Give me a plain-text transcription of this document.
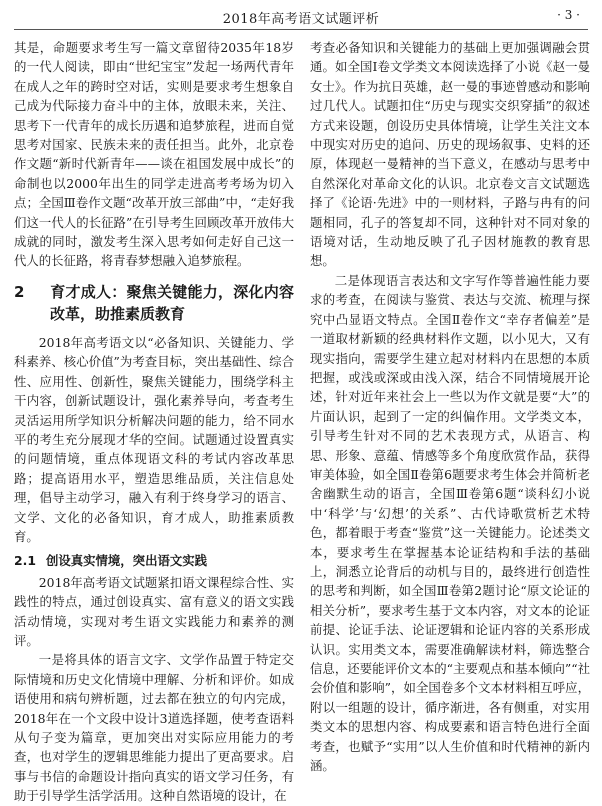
2018年高考语文试题评析	· 3 ·

其是，命题要求考生写一篇文章留待2035年18岁的一代人阅读，即由“世纪宝宝”发起一场两代青年在成人之年的跨时空对话，实则是要求考生想象自己成为代际接力奋斗中的主体，放眼未来，关注、思考下一代青年的成长历遇和追梦旅程，进而自觉思考对国家、民族未来的责任担当。此外，北京卷作文题“新时代新青年——谈在祖国发展中成长”的命制也以2000年出生的同学走进高考考场为切入点；全国Ⅲ卷作文题“改革开放三部曲”中，“走好我们这一代人的长征路”在引导考生回顾改革开放伟大成就的同时，激发考生深入思考如何走好自己这一代人的长征路，将青春梦想融入追梦旅程。

2 育才成人：聚焦关键能力，深化内容改革，助推素质教育

2018年高考语文以“必备知识、关键能力、学科素养、核心价值”为考查目标，突出基础性、综合性、应用性、创新性，聚焦关键能力，围绕学科主干内容，创新试题设计，强化素养导向，考查考生灵活运用所学知识分析解决问题的能力，给不同水平的考生充分展现才华的空间。试题通过设置真实的问题情境，重点体现语文科的考试内容改革思路；提高语用水平，塑造思维品质，关注信息处理，倡导主动学习，融入有利于终身学习的语言、文学、文化的必备知识，育才成人，助推素质教育。

2.1 创设真实情境，突出语文实践

2018年高考语文试题紧扣语文课程综合性、实践性的特点，通过创设真实、富有意义的语文实践活动情境，实现对考生语文实践能力和素养的测评。

一是将具体的语言文字、文学作品置于特定交际情境和历史文化情境中理解、分析和评价。如成语使用和病句辨析题，过去都在独立的句内完成，2018年在一个文段中设计3道选择题，使考查语料从句子变为篇章，更加突出对实际应用能力的考查，也对学生的逻辑思维能力提出了更高要求。启事与书信的命题设计指向真实的语文学习任务，有助于引导学生活学活用。这种自然语境的设计，在

考查必备知识和关键能力的基础上更加强调融会贯通。如全国Ⅰ卷文学类文本阅读选择了小说《赵一曼女士》。作为抗日英雄，赵一曼的事迹曾感动和影响过几代人。试题扣住“历史与现实交织穿插”的叙述方式来设题，创设历史具体情境，让学生关注文本中现实对历史的追问、历史的现场叙事、史料的还原，体现赵一曼精神的当下意义，在感动与思考中自然深化对革命文化的认识。北京卷文言文试题选择了《论语·先进》中的一则材料，子路与冉有的问题相同，孔子的答复却不同，这种针对不同对象的语境对话，生动地反映了孔子因材施教的教育思想。

二是体现语言表达和文字写作等普遍性能力要求的考查，在阅读与鉴赏、表达与交流、梳理与探究中凸显语文特点。全国Ⅱ卷作文“幸存者偏差”是一道取材新颖的经典材料作文题，以小见大，又有现实指向，需要学生建立起对材料内在思想的本质把握，或浅或深或由浅入深，结合不同情境展开论述，针对近年来社会上一些以为作文就是要“大”的片面认识，起到了一定的纠偏作用。文学类文本，引导考生针对不同的艺术表现方式，从语言、构思、形象、意蕴、情感等多个角度欣赏作品，获得审美体验，如全国Ⅱ卷第6题要求考生体会并简析老舍幽默生动的语言，全国Ⅲ卷第6题“谈科幻小说中‘科学’与‘幻想’的关系”、古代诗歌赏析艺术特色，都着眼于考查“鉴赏”这一关键能力。论述类文本，要求考生在掌握基本论证结构和手法的基础上，洞悉立论背后的动机与目的，最终进行创造性的思考和判断，如全国Ⅲ卷第2题讨论“原文论证的相关分析”，要求考生基于文本内容，对文本的论证前提、论证手法、论证逻辑和论证内容的关系形成认识。实用类文本，需要准确解读材料，筛选整合信息，还要能评价文本的“主要观点和基本倾向”“社会价值和影响”，如全国卷多个文本材料相互呼应，附以一组题的设计，循序渐进，各有侧重，对实用类文本的思想内容、构成要素和语言特色进行全面考查，也赋予“实用”以人生价值和时代精神的新内涵。
